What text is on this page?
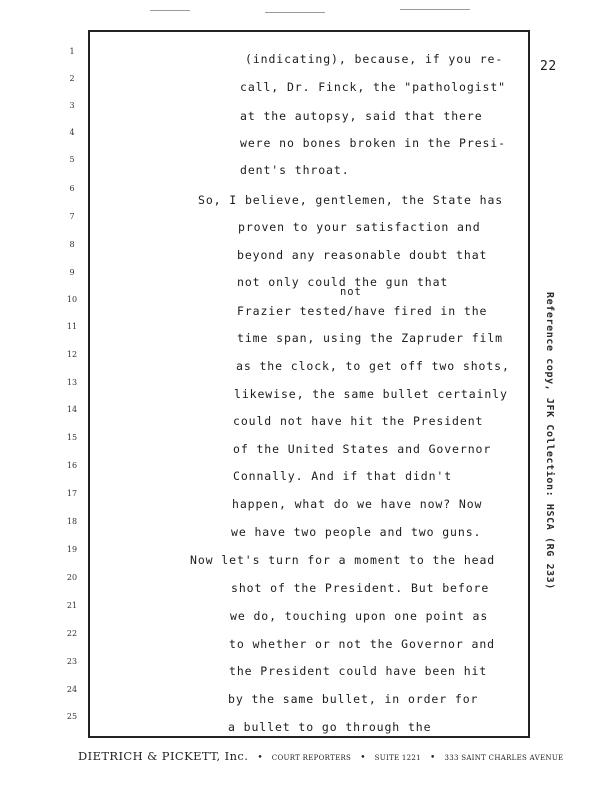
22
1
2
3
4
5
6
7
8
9
10
11
12
13
14
15
16
17
18
19
20
21
22
23
24
25
(indicating), because, if you re-
call, Dr. Finck, the "pathologist"
at the autopsy, said that there
were no bones broken in the Presi-
dent's throat.
So, I believe, gentlemen, the State has
proven to your satisfaction and
beyond any reasonable doubt that
not only could the gun that
not
Frazier tested/have fired in the
time span, using the Zapruder film
as the clock, to get off two shots,
likewise, the same bullet certainly
could not have hit the President
of the United States and Governor
Connally. And if that didn't
happen, what do we have now? Now
we have two people and two guns.
Now let's turn for a moment to the head
shot of the President. But before
we do, touching upon one point as
to whether or not the Governor and
the President could have been hit
by the same bullet, in order for
a bullet to go through the
Reference copy, JFK Collection: HSCA (RG 233)
DIETRICH & PICKETT, Inc. • COURT REPORTERS • SUITE 1221 • 333 SAINT CHARLES AVENUE
